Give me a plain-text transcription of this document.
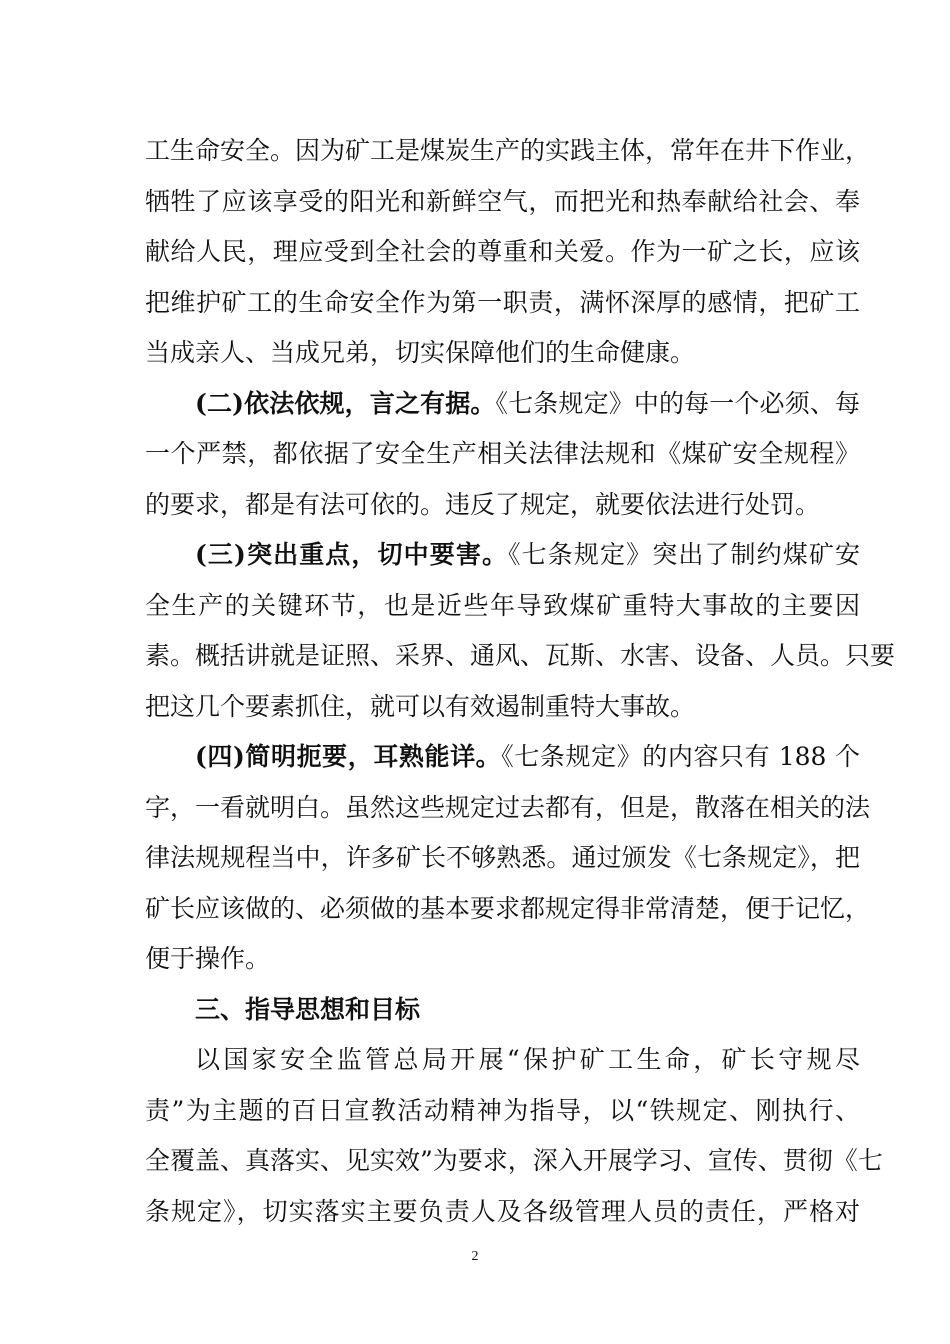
工生命安全。因为矿工是煤炭生产的实践主体，常年在井下作业，
牺牲了应该享受的阳光和新鲜空气，而把光和热奉献给社会、奉
献给人民，理应受到全社会的尊重和关爱。作为一矿之长，应该
把维护矿工的生命安全作为第一职责，满怀深厚的感情，把矿工
当成亲人、当成兄弟，切实保障他们的生命健康。
(二)依法依规，言之有据。《七条规定》中的每一个必须、每
一个严禁，都依据了安全生产相关法律法规和《煤矿安全规程》
的要求，都是有法可依的。违反了规定，就要依法进行处罚。
(三)突出重点，切中要害。《七条规定》突出了制约煤矿安
全生产的关键环节，也是近些年导致煤矿重特大事故的主要因
素。概括讲就是证照、采界、通风、瓦斯、水害、设备、人员。只要
把这几个要素抓住，就可以有效遏制重特大事故。
(四)简明扼要，耳熟能详。《七条规定》的内容只有 188 个
字，一看就明白。虽然这些规定过去都有，但是，散落在相关的法
律法规规程当中，许多矿长不够熟悉。通过颁发《七条规定》，把
矿长应该做的、必须做的基本要求都规定得非常清楚，便于记忆，
便于操作。
三、指导思想和目标
以国家安全监管总局开展“保护矿工生命，矿长守规尽
责”为主题的百日宣教活动精神为指导，以“铁规定、刚执行、
全覆盖、真落实、见实效”为要求，深入开展学习、宣传、贯彻《七
条规定》，切实落实主要负责人及各级管理人员的责任，严格对
2
